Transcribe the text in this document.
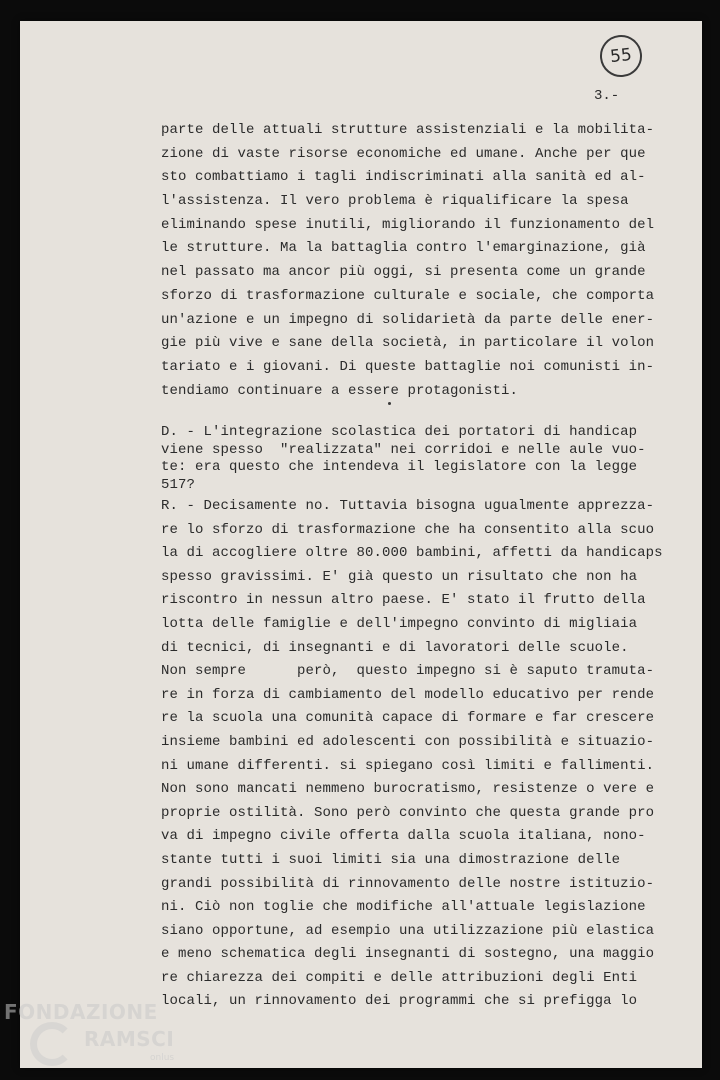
55
3.-
parte delle attuali strutture assistenziali e la mobilita-
zione di vaste risorse economiche ed umane. Anche per que
sto combattiamo i tagli indiscriminati alla sanità ed al-
l'assistenza. Il vero problema è riqualificare la spesa
eliminando spese inutili, migliorando il funzionamento del
le strutture. Ma la battaglia contro l'emarginazione, già
nel passato ma ancor più oggi, si presenta come un grande
sforzo di trasformazione culturale e sociale, che comporta
un'azione e un impegno di solidarietà da parte delle ener-
gie più vive e sane della società, in particolare il volon
tariato e i giovani. Di queste battaglie noi comunisti in-
tendiamo continuare a essere protagonisti.
D. - L'integrazione scolastica dei portatori di handicap
viene spesso  "realizzata" nei corridoi e nelle aule vuo-
te: era questo che intendeva il legislatore con la legge
517?
R. - Decisamente no. Tuttavia bisogna ugualmente apprezza-
re lo sforzo di trasformazione che ha consentito alla scuo
la di accogliere oltre 80.000 bambini, affetti da handicaps
spesso gravissimi. E' già questo un risultato che non ha
riscontro in nessun altro paese. E' stato il frutto della
lotta delle famiglie e dell'impegno convinto di migliaia
di tecnici, di insegnanti e di lavoratori delle scuole.
Non sempre      però,  questo impegno si è saputo tramuta-
re in forza di cambiamento del modello educativo per rende
re la scuola una comunità capace di formare e far crescere
insieme bambini ed adolescenti con possibilità e situazio-
ni umane differenti. si spiegano così limiti e fallimenti.
Non sono mancati nemmeno burocratismo, resistenze o vere e
proprie ostilità. Sono però convinto che questa grande pro
va di impegno civile offerta dalla scuola italiana, nono-
stante tutti i suoi limiti sia una dimostrazione delle
grandi possibilità di rinnovamento delle nostre istituzio-
ni. Ciò non toglie che modifiche all'attuale legislazione
siano opportune, ad esempio una utilizzazione più elastica
e meno schematica degli insegnanti di sostegno, una maggio
re chiarezza dei compiti e delle attribuzioni degli Enti
locali, un rinnovamento dei programmi che si prefigga lo
FONDAZIONE
RAMSCI
onlus
